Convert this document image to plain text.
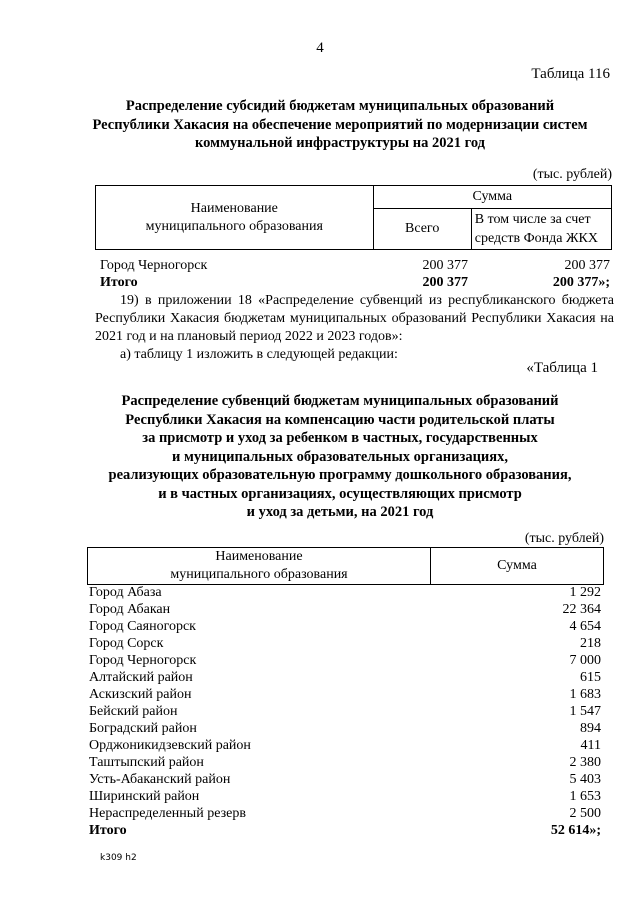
4
Таблица 116
Распределение субсидий бюджетам муниципальных образований
Республики Хакасия на обеспечение мероприятий по модернизации систем
коммунальной инфраструктуры на 2021 год
(тыс. рублей)
Наименование
муниципального образования	Сумма	
	Всего	В том числе за счет
средств Фонда ЖКХ
Город Черногорск	200 377	200 377
Итого	200 377	200 377»;
19) в приложении 18 «Распределение субвенций из республиканского бюджета Республики Хакасия бюджетам муниципальных образований Республики Хакасия на 2021 год и на плановый период 2022 и 2023 годов»:
а) таблицу 1 изложить в следующей редакции:
«Таблица 1
Распределение субвенций бюджетам муниципальных образований
Республики Хакасия на компенсацию части родительской платы
за присмотр и уход за ребенком в частных, государственных
и муниципальных образовательных организациях,
реализующих образовательную программу дошкольного образования,
и в частных организациях, осуществляющих присмотр
и уход за детьми, на 2021 год
(тыс. рублей)
Наименование
муниципального образования
	Сумма
Город Абаза	1 292
Город Абакан	22 364
Город Саяногорск	4 654
Город Сорск	218
Город Черногорск	7 000
Алтайский район	615
Аскизский район	1 683
Бейский район	1 547
Боградский район	894
Орджоникидзевский район	411
Таштыпский район	2 380
Усть-Абаканский район	5 403
Ширинский район	1 653
Нераспределенный резерв	2 500
Итого	52 614»;
k309 h2
